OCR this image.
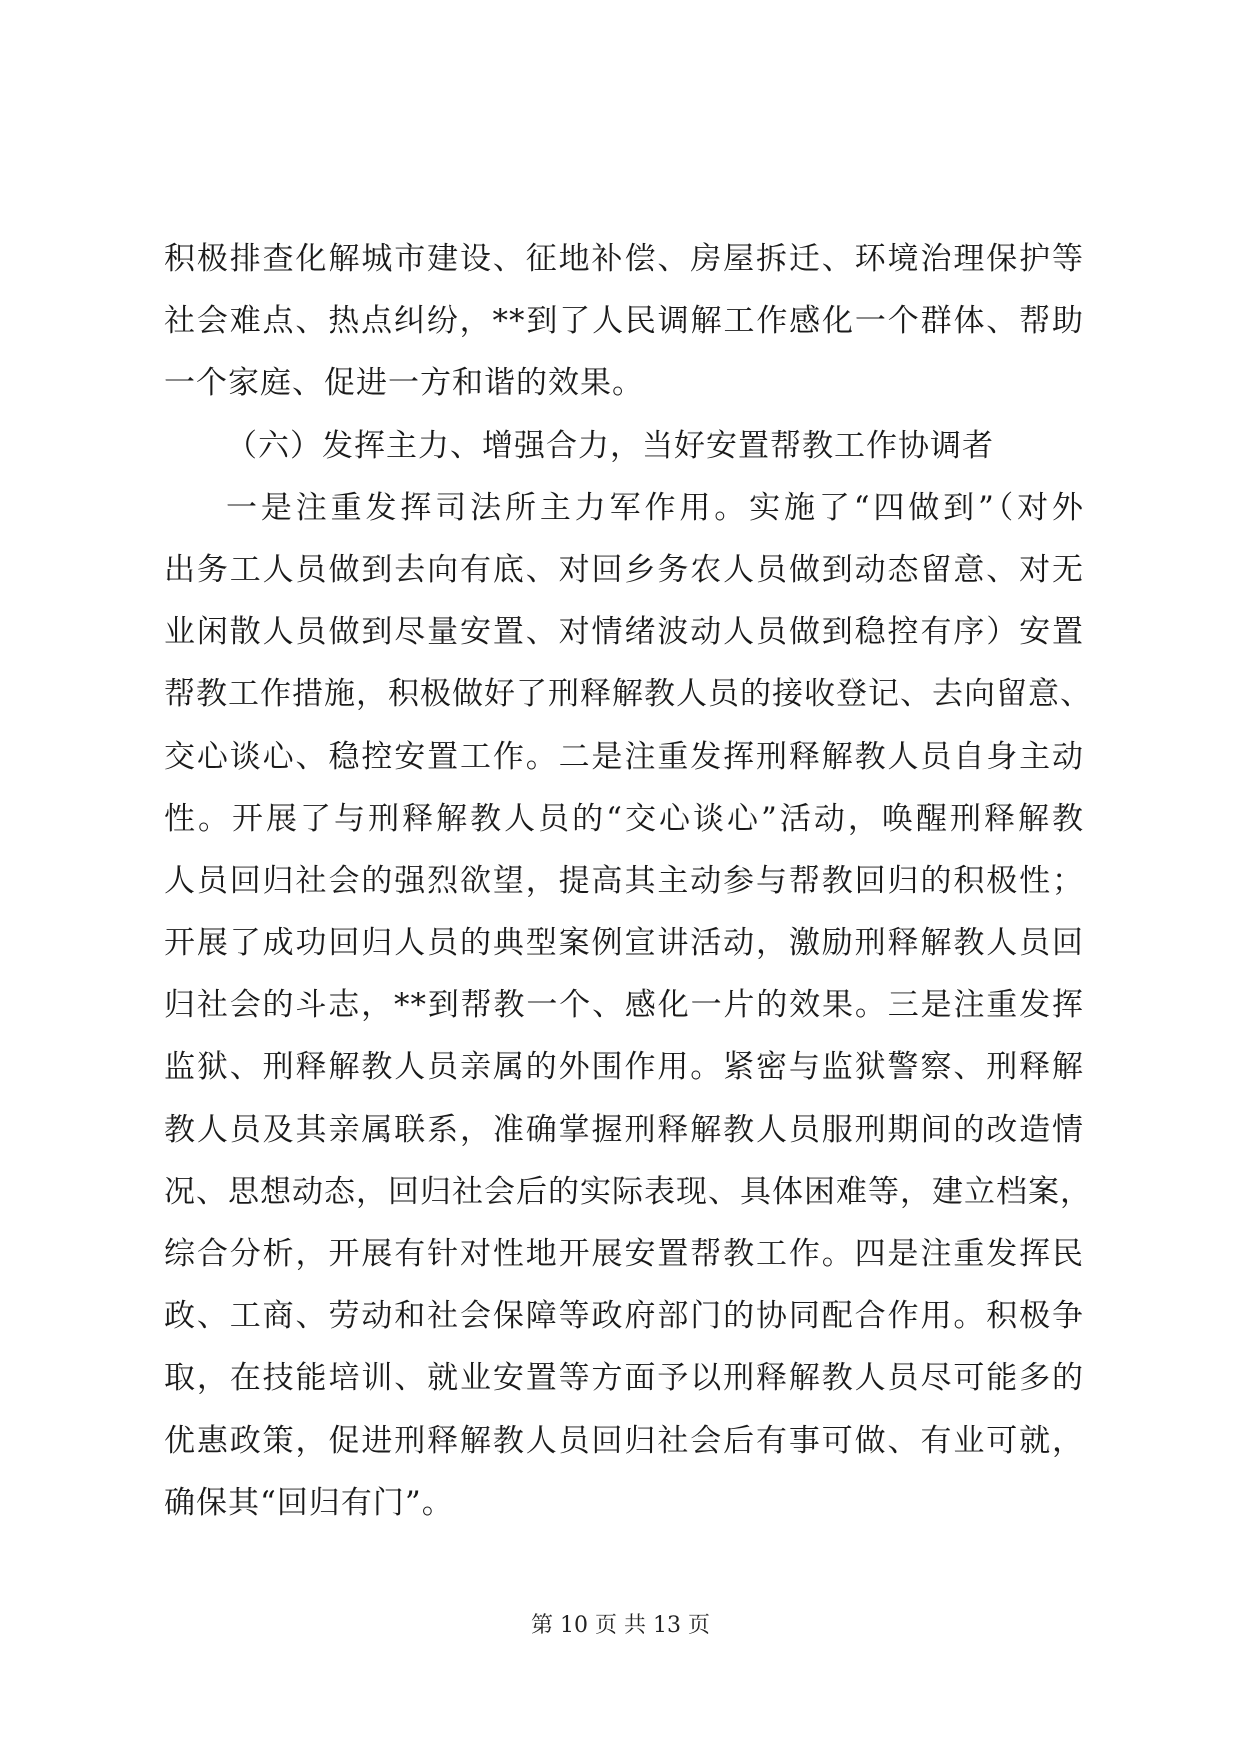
积极排查化解城市建设、征地补偿、房屋拆迁、环境治理保护等
社会难点、热点纠纷，**到了人民调解工作感化一个群体、帮助
一个家庭、促进一方和谐的效果。
（六）发挥主力、增强合力，当好安置帮教工作协调者
一是注重发挥司法所主力军作用。实施了“四做到”（对外
出务工人员做到去向有底、对回乡务农人员做到动态留意、对无
业闲散人员做到尽量安置、对情绪波动人员做到稳控有序）安置
帮教工作措施，积极做好了刑释解教人员的接收登记、去向留意、
交心谈心、稳控安置工作。二是注重发挥刑释解教人员自身主动
性。开展了与刑释解教人员的“交心谈心”活动，唤醒刑释解教
人员回归社会的强烈欲望，提高其主动参与帮教回归的积极性；
开展了成功回归人员的典型案例宣讲活动，激励刑释解教人员回
归社会的斗志，**到帮教一个、感化一片的效果。三是注重发挥
监狱、刑释解教人员亲属的外围作用。紧密与监狱警察、刑释解
教人员及其亲属联系，准确掌握刑释解教人员服刑期间的改造情
况、思想动态，回归社会后的实际表现、具体困难等，建立档案，
综合分析，开展有针对性地开展安置帮教工作。四是注重发挥民
政、工商、劳动和社会保障等政府部门的协同配合作用。积极争
取，在技能培训、就业安置等方面予以刑释解教人员尽可能多的
优惠政策，促进刑释解教人员回归社会后有事可做、有业可就，
确保其“回归有门”。
第 10 页 共 13 页
